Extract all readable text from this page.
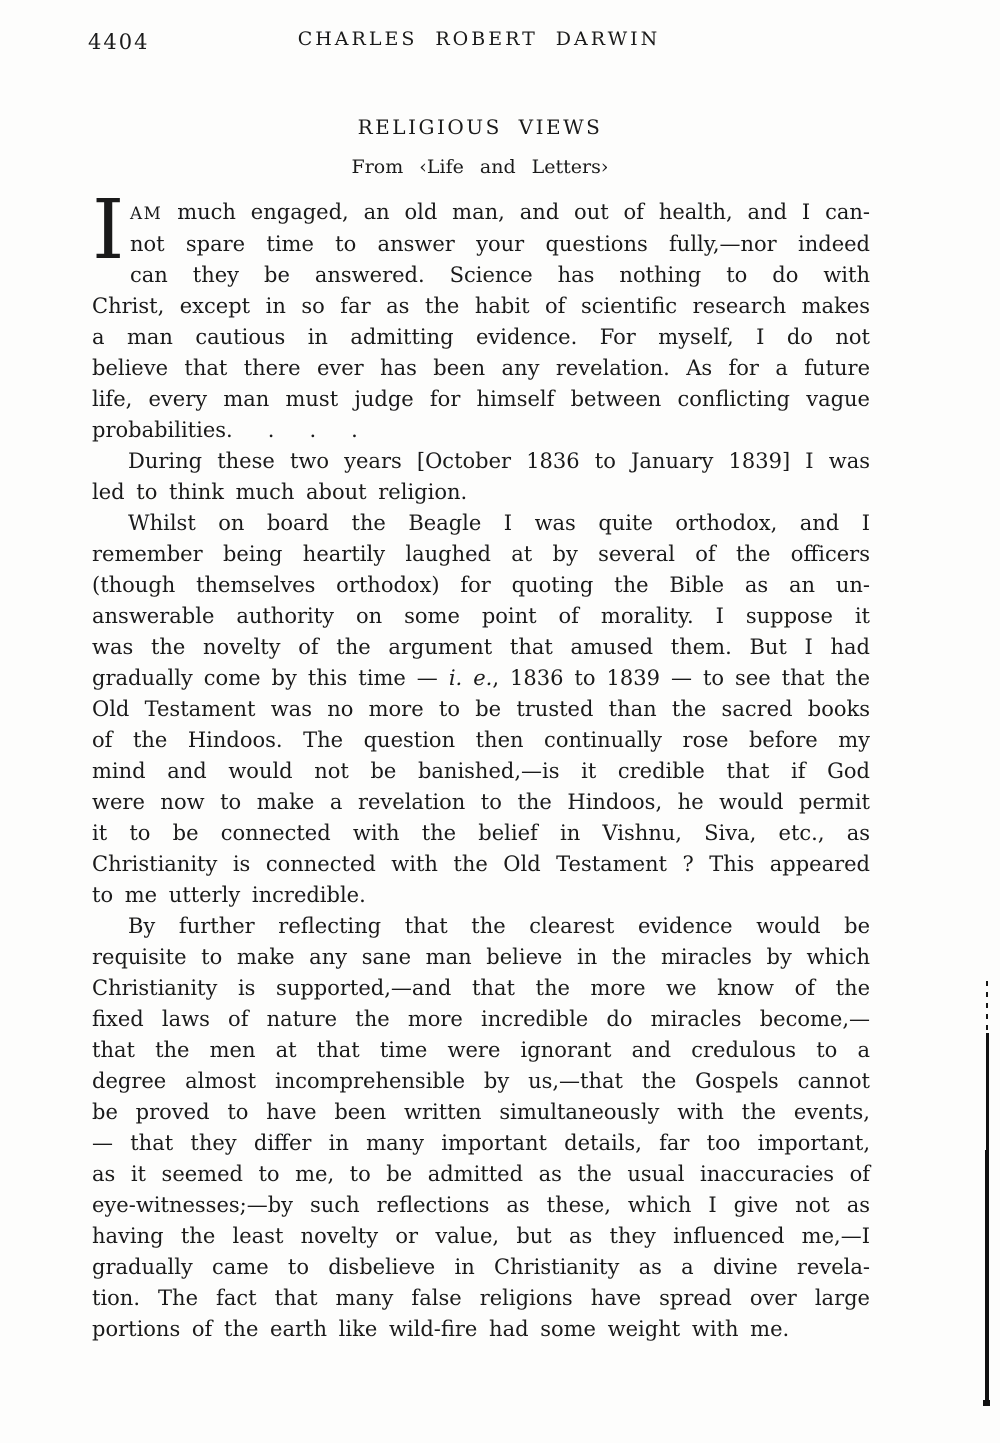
4404	CHARLES ROBERT DARWIN
RELIGIOUS VIEWS

From ‹Life and Letters›

I AM much engaged, an old man, and out of health, and I can-
not spare time to answer your questions fully,—nor indeed
can they be answered. Science has nothing to do with
Christ, except in so far as the habit of scientific research makes
a man cautious in admitting evidence. For myself, I do not
believe that there ever has been any revelation. As for a future
life, every man must judge for himself between conflicting vague
probabilities.   .   .   .
During these two years [October 1836 to January 1839] I was
led to think much about religion.
Whilst on board the Beagle I was quite orthodox, and I
remember being heartily laughed at by several of the officers
(though themselves orthodox) for quoting the Bible as an un-
answerable authority on some point of morality. I suppose it
was the novelty of the argument that amused them. But I had
gradually come by this time — i. e., 1836 to 1839 — to see that the
Old Testament was no more to be trusted than the sacred books
of the Hindoos. The question then continually rose before my
mind and would not be banished,—is it credible that if God
were now to make a revelation to the Hindoos, he would permit
it to be connected with the belief in Vishnu, Siva, etc., as
Christianity is connected with the Old Testament ? This appeared
to me utterly incredible.
By further reflecting that the clearest evidence would be
requisite to make any sane man believe in the miracles by which
Christianity is supported,—and that the more we know of the
fixed laws of nature the more incredible do miracles become,—
that the men at that time were ignorant and credulous to a
degree almost incomprehensible by us,—that the Gospels cannot
be proved to have been written simultaneously with the events,
— that they differ in many important details, far too important,
as it seemed to me, to be admitted as the usual inaccuracies of
eye-witnesses;—by such reflections as these, which I give not as
having the least novelty or value, but as they influenced me,—I
gradually came to disbelieve in Christianity as a divine revela-
tion. The fact that many false religions have spread over large
portions of the earth like wild-fire had some weight with me.
